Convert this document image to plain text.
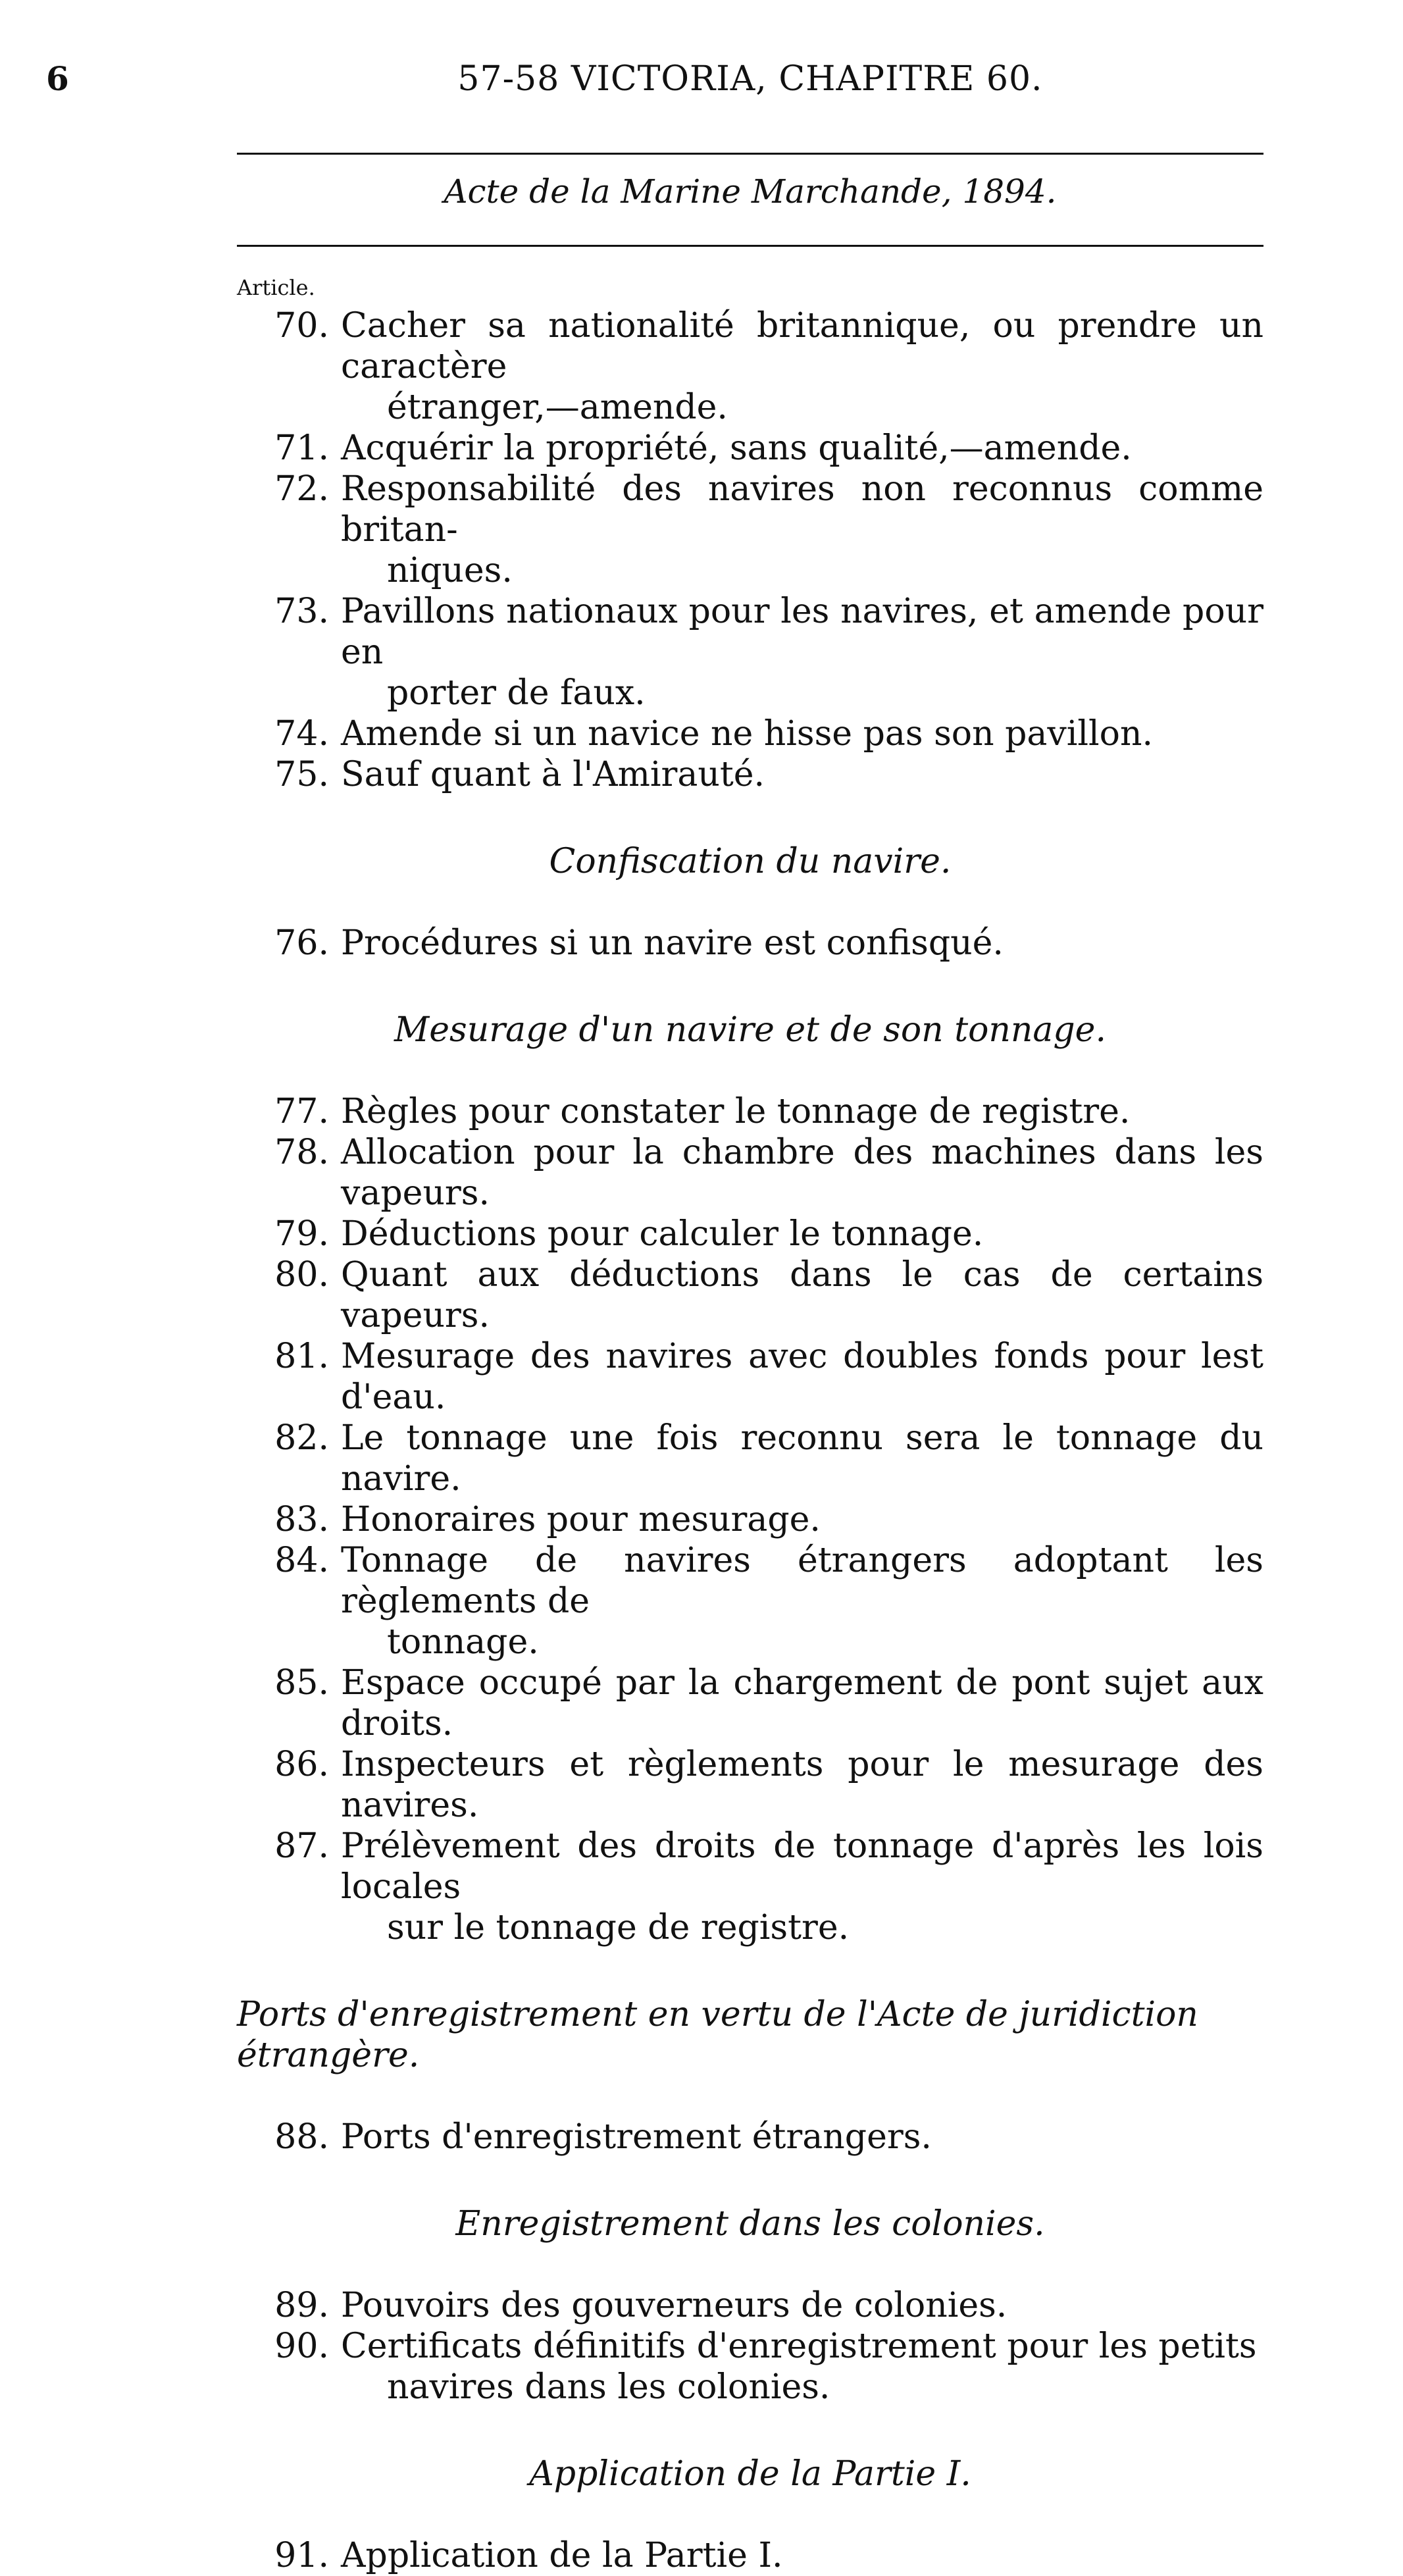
6	57-58 VICTORIA, CHAPITRE 60.
Acte de la Marine Marchande, 1894.
Article.
70. Cacher sa nationalité britannique, ou prendre un caractère
étranger,—amende.
71. Acquérir la propriété, sans qualité,—amende.
72. Responsabilité des navires non reconnus comme britan-
niques.
73. Pavillons nationaux pour les navires, et amende pour en
porter de faux.
74. Amende si un navice ne hisse pas son pavillon.
75. Sauf quant à l'Amirauté.
Confiscation du navire.
76. Procédures si un navire est confisqué.
Mesurage d'un navire et de son tonnage.
77. Règles pour constater le tonnage de registre.
78. Allocation pour la chambre des machines dans les vapeurs.
79. Déductions pour calculer le tonnage.
80. Quant aux déductions dans le cas de certains vapeurs.
81. Mesurage des navires avec doubles fonds pour lest d'eau.
82. Le tonnage une fois reconnu sera le tonnage du navire.
83. Honoraires pour mesurage.
84. Tonnage de navires étrangers adoptant les règlements de
tonnage.
85. Espace occupé par la chargement de pont sujet aux droits.
86. Inspecteurs et règlements pour le mesurage des navires.
87. Prélèvement des droits de tonnage d'après les lois locales
sur le tonnage de registre.
Ports d'enregistrement en vertu de l'Acte de juridiction étrangère.
88. Ports d'enregistrement étrangers.
Enregistrement dans les colonies.
89. Pouvoirs des gouverneurs de colonies.
90. Certificats définitifs d'enregistrement pour les petits
navires dans les colonies.
Application de la Partie I.
91. Application de la Partie I.
